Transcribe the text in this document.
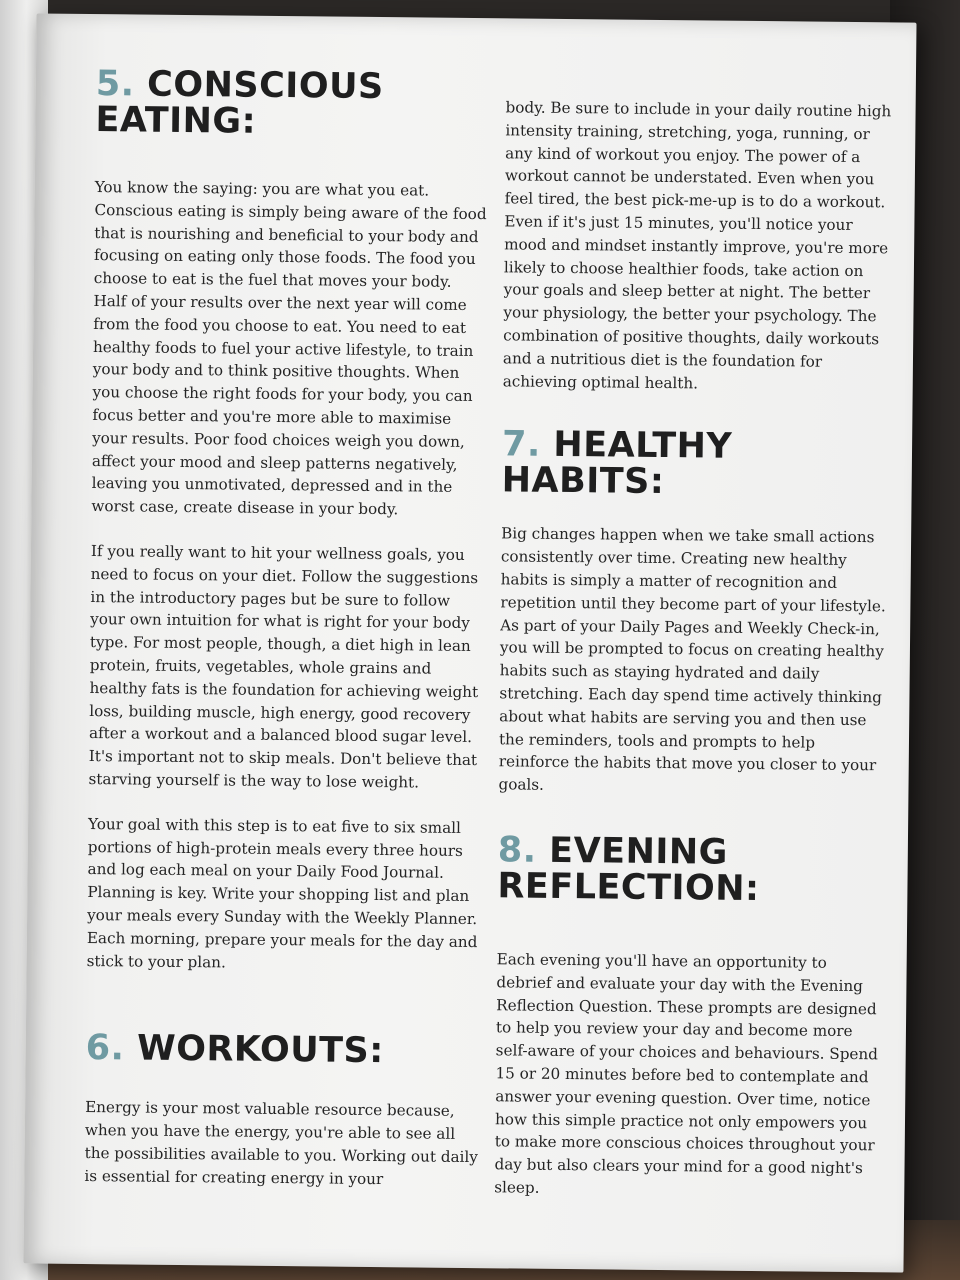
5. CONSCIOUS EATING:

You know the saying: you are what you eat. Conscious eating is simply being aware of the food that is nourishing and beneficial to your body and focusing on eating only those foods. The food you choose to eat is the fuel that moves your body. Half of your results over the next year will come from the food you choose to eat. You need to eat healthy foods to fuel your active lifestyle, to train your body and to think positive thoughts. When you choose the right foods for your body, you can focus better and you're more able to maximise your results. Poor food choices weigh you down, affect your mood and sleep patterns negatively, leaving you unmotivated, depressed and in the worst case, create disease in your body.

If you really want to hit your wellness goals, you need to focus on your diet. Follow the suggestions in the introductory pages but be sure to follow your own intuition for what is right for your body type. For most people, though, a diet high in lean protein, fruits, vegetables, whole grains and healthy fats is the foundation for achieving weight loss, building muscle, high energy, good recovery after a workout and a balanced blood sugar level. It's important not to skip meals. Don't believe that starving yourself is the way to lose weight.

Your goal with this step is to eat five to six small portions of high-protein meals every three hours and log each meal on your Daily Food Journal. Planning is key. Write your shopping list and plan your meals every Sunday with the Weekly Planner. Each morning, prepare your meals for the day and stick to your plan.

6. WORKOUTS:

Energy is your most valuable resource because, when you have the energy, you're able to see all the possibilities available to you. Working out daily is essential for creating energy in your

body. Be sure to include in your daily routine high intensity training, stretching, yoga, running, or any kind of workout you enjoy. The power of a workout cannot be understated. Even when you feel tired, the best pick-me-up is to do a workout. Even if it's just 15 minutes, you'll notice your mood and mindset instantly improve, you're more likely to choose healthier foods, take action on your goals and sleep better at night. The better your physiology, the better your psychology. The combination of positive thoughts, daily workouts and a nutritious diet is the foundation for achieving optimal health.

7. HEALTHY HABITS:

Big changes happen when we take small actions consistently over time. Creating new healthy habits is simply a matter of recognition and repetition until they become part of your lifestyle. As part of your Daily Pages and Weekly Check-in, you will be prompted to focus on creating healthy habits such as staying hydrated and daily stretching. Each day spend time actively thinking about what habits are serving you and then use the reminders, tools and prompts to help reinforce the habits that move you closer to your goals.

8. EVENING REFLECTION:

Each evening you'll have an opportunity to debrief and evaluate your day with the Evening Reflection Question. These prompts are designed to help you review your day and become more self-aware of your choices and behaviours. Spend 15 or 20 minutes before bed to contemplate and answer your evening question. Over time, notice how this simple practice not only empowers you to make more conscious choices throughout your day but also clears your mind for a good night's sleep.
